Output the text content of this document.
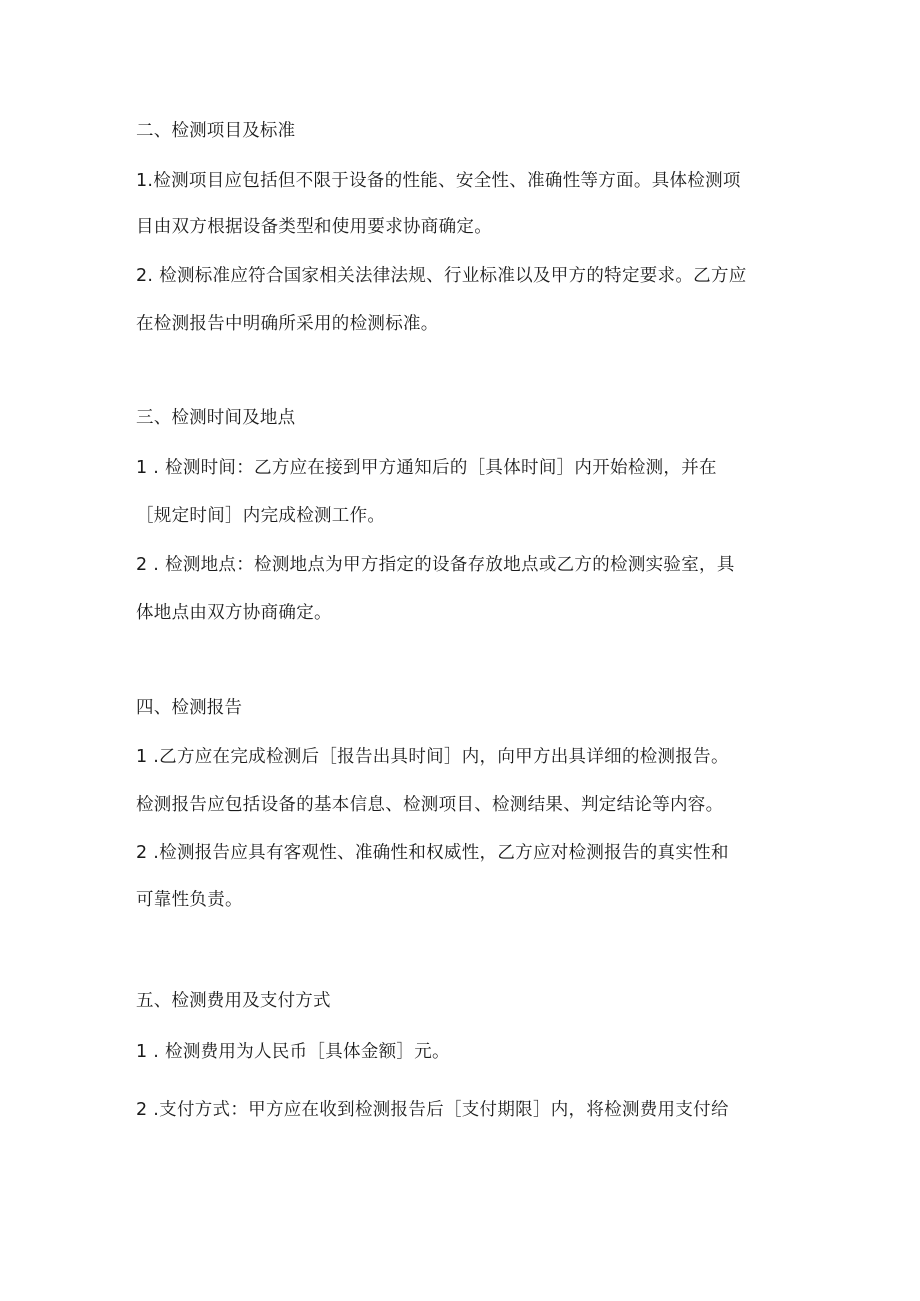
二、检测项目及标准
1.检测项目应包括但不限于设备的性能、安全性、准确性等方面。具体检测项
目由双方根据设备类型和使用要求协商确定。
2. 检测标准应符合国家相关法律法规、行业标准以及甲方的特定要求。乙方应
在检测报告中明确所采用的检测标准。
三、检测时间及地点
1 . 检测时间：乙方应在接到甲方通知后的［具体时间］内开始检测，并在
［规定时间］内完成检测工作。
2 . 检测地点：检测地点为甲方指定的设备存放地点或乙方的检测实验室，具
体地点由双方协商确定。
四、检测报告
1 .乙方应在完成检测后［报告出具时间］内，向甲方出具详细的检测报告。
检测报告应包括设备的基本信息、检测项目、检测结果、判定结论等内容。
2 .检测报告应具有客观性、准确性和权威性，乙方应对检测报告的真实性和
可靠性负责。
五、检测费用及支付方式
1 . 检测费用为人民币［具体金额］元。
2 .支付方式：甲方应在收到检测报告后［支付期限］内，将检测费用支付给
